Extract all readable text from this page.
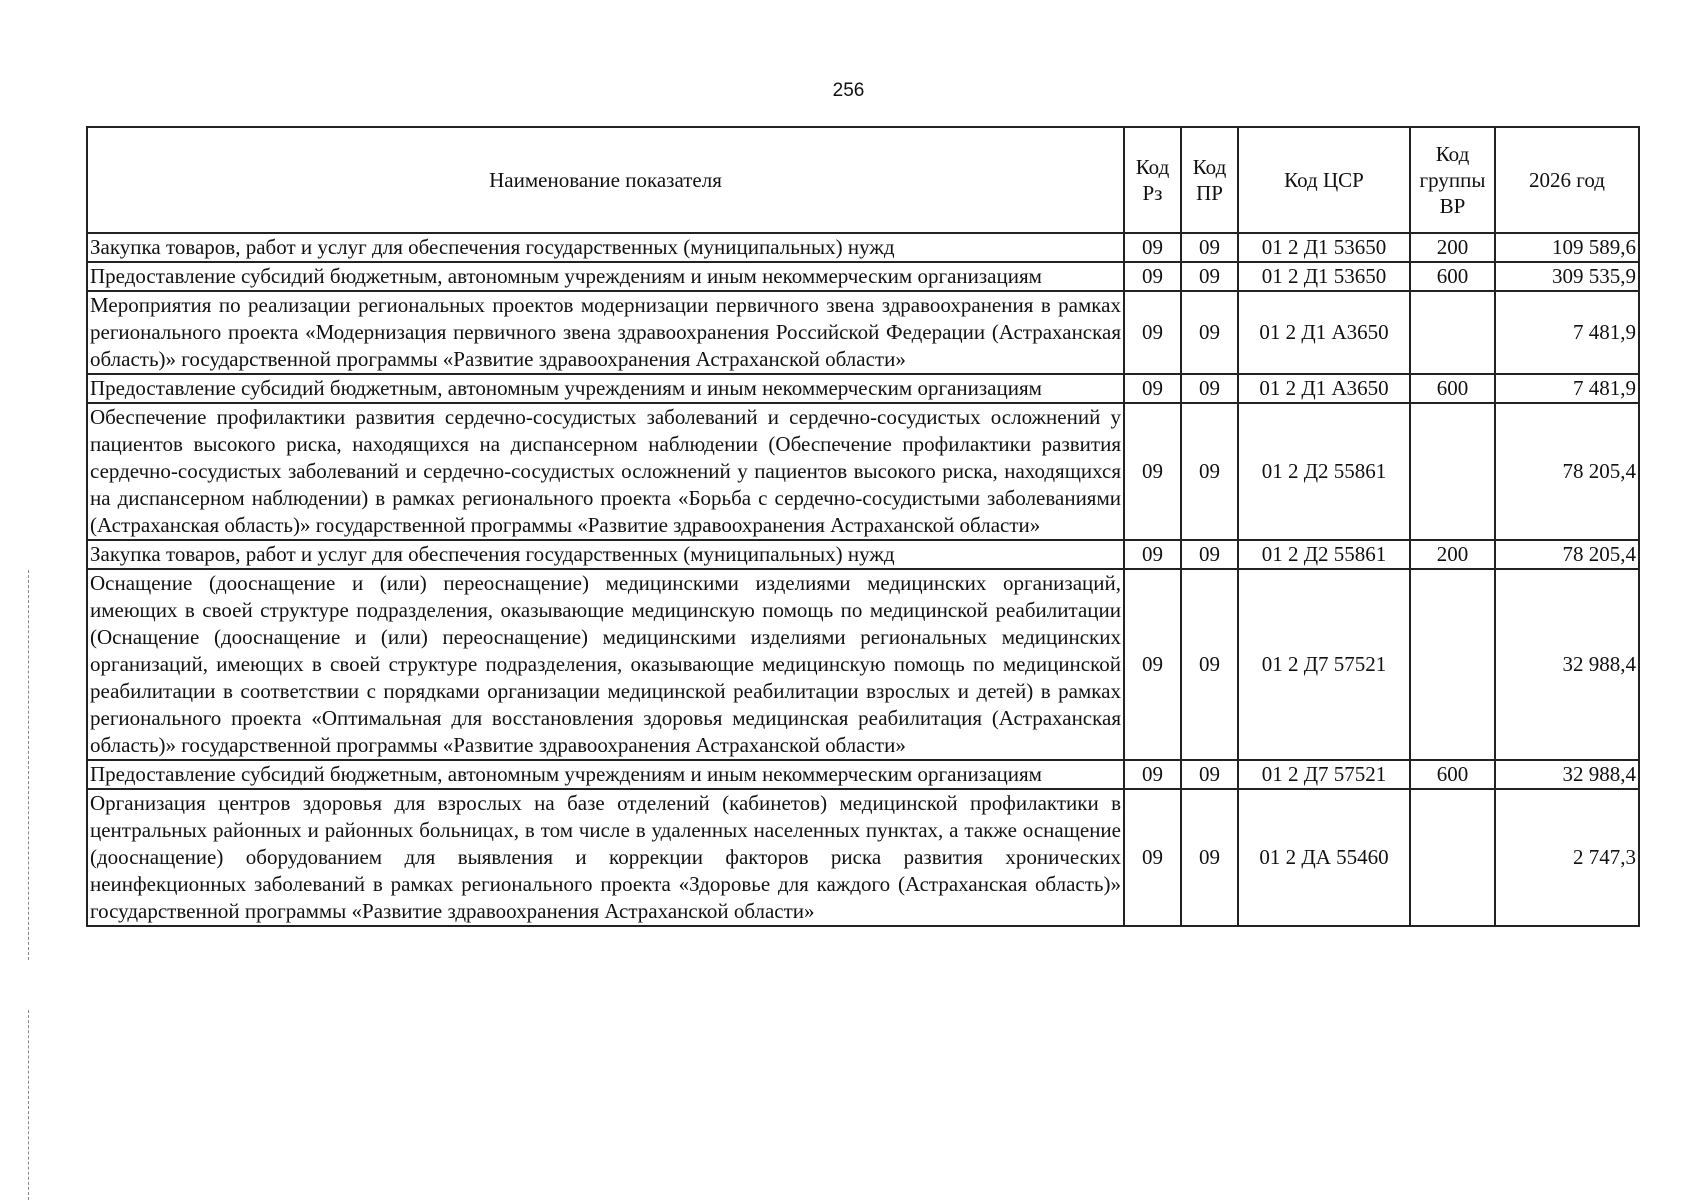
256
Наименование показателя	Код Рз	Код ПР	Код ЦСР	Код группы ВР	2026 год
Закупка товаров, работ и услуг для обеспечения государственных (муниципальных) нужд	09	09	01 2 Д1 53650	200	109 589,6
Предоставление субсидий бюджетным, автономным учреждениям и иным некоммерческим организациям	09	09	01 2 Д1 53650	600	309 535,9
Мероприятия по реализации региональных проектов модернизации первичного звена здравоохранения в рамках регионального проекта «Модернизация первичного звена здравоохранения Российской Федерации (Астраханская область)» государственной программы «Развитие здравоохранения Астраханской области»	09	09	01 2 Д1 А3650		7 481,9
Предоставление субсидий бюджетным, автономным учреждениям и иным некоммерческим организациям	09	09	01 2 Д1 А3650	600	7 481,9
Обеспечение профилактики развития сердечно-сосудистых заболеваний и сердечно-сосудистых осложнений у пациентов высокого риска, находящихся на диспансерном наблюдении (Обеспечение профилактики развития сердечно-сосудистых заболеваний и сердечно-сосудистых осложнений у пациентов высокого риска, находящихся на диспансерном наблюдении) в рамках регионального проекта «Борьба с сердечно-сосудистыми заболеваниями (Астраханская область)» государственной программы «Развитие здравоохранения Астраханской области»	09	09	01 2 Д2 55861		78 205,4
Закупка товаров, работ и услуг для обеспечения государственных (муниципальных) нужд	09	09	01 2 Д2 55861	200	78 205,4
Оснащение (дооснащение и (или) переоснащение) медицинскими изделиями медицинских организаций, имеющих в своей структуре подразделения, оказывающие медицинскую помощь по медицинской реабилитации (Оснащение (дооснащение и (или) переоснащение) медицинскими изделиями региональных медицинских организаций, имеющих в своей структуре подразделения, оказывающие медицинскую помощь по медицинской реабилитации в соответствии с порядками организации медицинской реабилитации взрослых и детей) в рамках регионального проекта «Оптимальная для восстановления здоровья медицинская реабилитация (Астраханская область)» государственной программы «Развитие здравоохранения Астраханской области»	09	09	01 2 Д7 57521		32 988,4
Предоставление субсидий бюджетным, автономным учреждениям и иным некоммерческим организациям	09	09	01 2 Д7 57521	600	32 988,4
Организация центров здоровья для взрослых на базе отделений (кабинетов) медицинской профилактики в центральных районных и районных больницах, в том числе в удаленных населенных пунктах, а также оснащение (дооснащение) оборудованием для выявления и коррекции факторов риска развития хронических неинфекционных заболеваний в рамках регионального проекта «Здоровье для каждого (Астраханская область)» государственной программы «Развитие здравоохранения Астраханской области»	09	09	01 2 ДА 55460		2 747,3
